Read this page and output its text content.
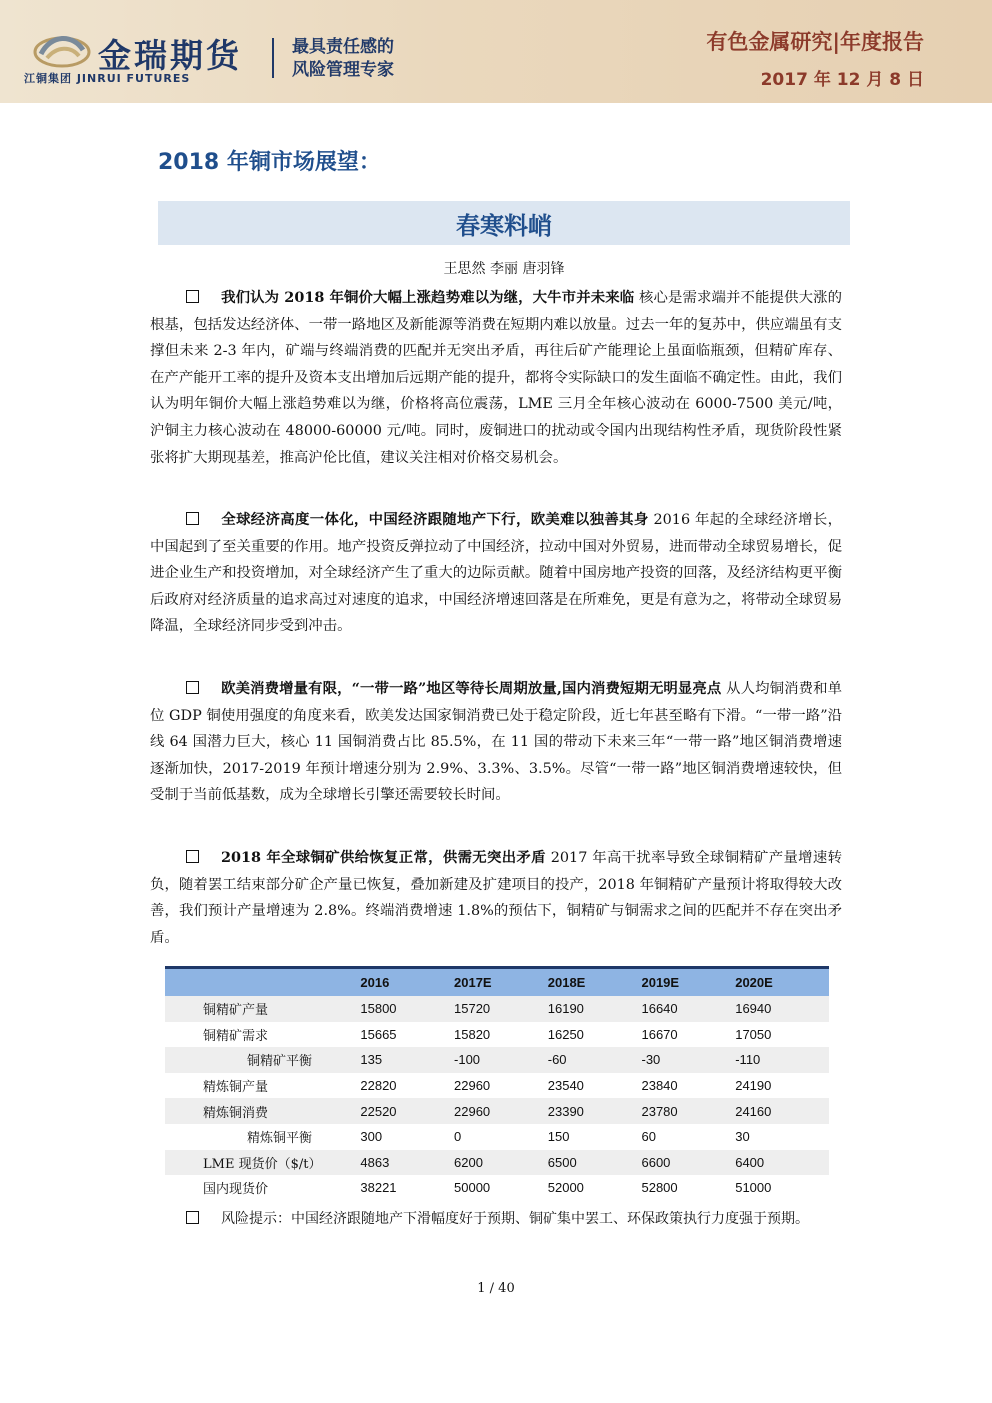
金瑞期货
江铜集团 JINRUI FUTURES
最具责任感的
风险管理专家
有色金属研究|年度报告
2017 年 12 月 8 日
2018 年铜市场展望：
春寒料峭
王思然 李丽 唐羽锋
我们认为 2018 年铜价大幅上涨趋势难以为继，大牛市并未来临 核心是需求端并不能提供大涨的根基，包括发达经济体、一带一路地区及新能源等消费在短期内难以放量。过去一年的复苏中，供应端虽有支撑但未来 2-3 年内，矿端与终端消费的匹配并无突出矛盾，再往后矿产能理论上虽面临瓶颈，但精矿库存、在产产能开工率的提升及资本支出增加后远期产能的提升，都将令实际缺口的发生面临不确定性。由此，我们认为明年铜价大幅上涨趋势难以为继，价格将高位震荡，LME 三月全年核心波动在 6000-7500 美元/吨，沪铜主力核心波动在 48000-60000 元/吨。同时，废铜进口的扰动或令国内出现结构性矛盾，现货阶段性紧张将扩大期现基差，推高沪伦比值，建议关注相对价格交易机会。
全球经济高度一体化，中国经济跟随地产下行，欧美难以独善其身 2016 年起的全球经济增长，中国起到了至关重要的作用。地产投资反弹拉动了中国经济，拉动中国对外贸易，进而带动全球贸易增长，促进企业生产和投资增加，对全球经济产生了重大的边际贡献。随着中国房地产投资的回落，及经济结构更平衡后政府对经济质量的追求高过对速度的追求，中国经济增速回落是在所难免，更是有意为之，将带动全球贸易降温，全球经济同步受到冲击。
欧美消费增量有限，“一带一路”地区等待长周期放量,国内消费短期无明显亮点 从人均铜消费和单位 GDP 铜使用强度的角度来看，欧美发达国家铜消费已处于稳定阶段，近七年甚至略有下滑。“一带一路”沿线 64 国潜力巨大，核心 11 国铜消费占比 85.5%，在 11 国的带动下未来三年“一带一路”地区铜消费增速逐渐加快，2017-2019 年预计增速分别为 2.9%、3.3%、3.5%。尽管“一带一路”地区铜消费增速较快，但受制于当前低基数，成为全球增长引擎还需要较长时间。
2018 年全球铜矿供给恢复正常，供需无突出矛盾 2017 年高干扰率导致全球铜精矿产量增速转负，随着罢工结束部分矿企产量已恢复，叠加新建及扩建项目的投产，2018 年铜精矿产量预计将取得较大改善，我们预计产量增速为 2.8%。终端消费增速 1.8%的预估下，铜精矿与铜需求之间的匹配并不存在突出矛盾。
	2016	2017E	2018E	2019E	2020E
铜精矿产量	15800	15720	16190	16640	16940
铜精矿需求	15665	15820	16250	16670	17050
铜精矿平衡	135	-100	-60	-30	-110
精炼铜产量	22820	22960	23540	23840	24190
精炼铜消费	22520	22960	23390	23780	24160
精炼铜平衡	300	0	150	60	30
LME 现货价（$/t）	4863	6200	6500	6600	6400
国内现货价	38221	50000	52000	52800	51000
风险提示：中国经济跟随地产下滑幅度好于预期、铜矿集中罢工、环保政策执行力度强于预期。
1 / 40
